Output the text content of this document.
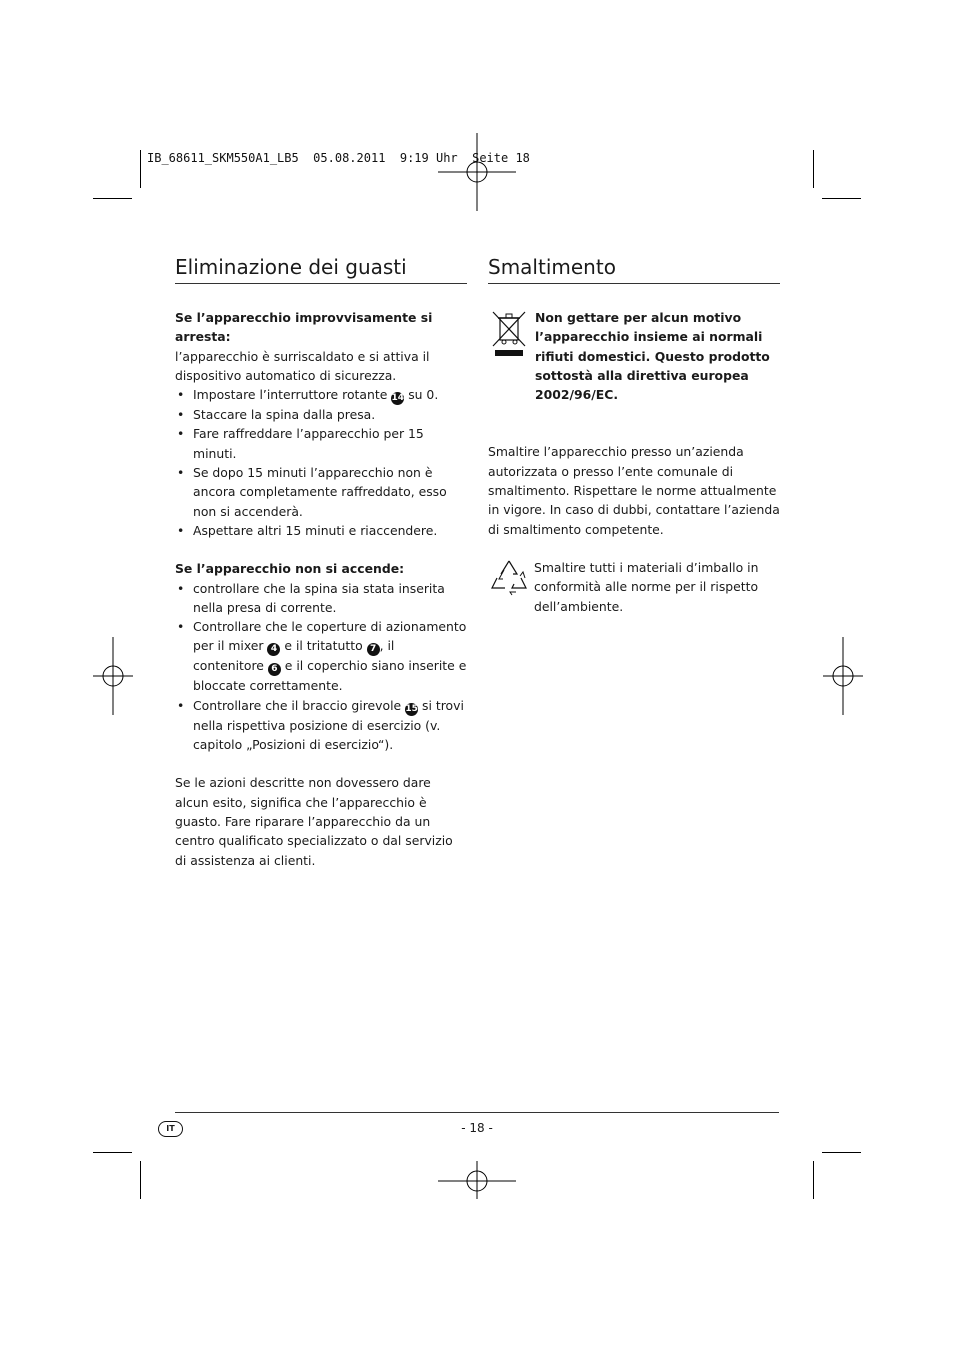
IB_68611_SKM550A1_LB5  05.08.2011  9:19 Uhr  Seite 18
Eliminazione dei guasti

Se l’apparecchio improvvisamente si arresta:

l’apparecchio è surriscaldato e si attiva il dispositivo automatico di sicurezza.

• Impostare l’interruttore rotante 14 su 0.
• Staccare la spina dalla presa.
• Fare raffreddare l’apparecchio per 15 minuti.
• Se dopo 15 minuti l’apparecchio non è ancora completamente raffreddato, esso non si accenderà.
• Aspettare altri 15 minuti e riaccendere.

Se l’apparecchio non si accende:

• controllare che la spina sia stata inserita nella presa di corrente.
• Controllare che le coperture di azionamento per il mixer 4 e il tritatutto 7 , il contenitore 6 e il coperchio siano inserite e bloccate correttamente.
• Controllare che il braccio girevole 15 si trovi nella rispettiva posizione di esercizio (v. capitolo „Posizioni di esercizio“).

Se le azioni descritte non dovessero dare alcun esito, significa che l’apparecchio è guasto. Fare riparare l’apparecchio da un centro qualificato specializzato o dal servizio di assistenza ai clienti.

Smaltimento

Non gettare per alcun motivo l’apparecchio insieme ai normali rifiuti domestici. Questo prodotto sottostà alla direttiva europea 2002/96/EC.

Smaltire l’apparecchio presso un’azienda autorizzata o presso l’ente comunale di smaltimento. Rispettare le norme attualmente in vigore. In caso di dubbi, contattare l’azienda di smaltimento competente.

Smaltire tutti i materiali d’imballo in conformità alle norme per il rispetto dell’ambiente.

IT	- 18 -
